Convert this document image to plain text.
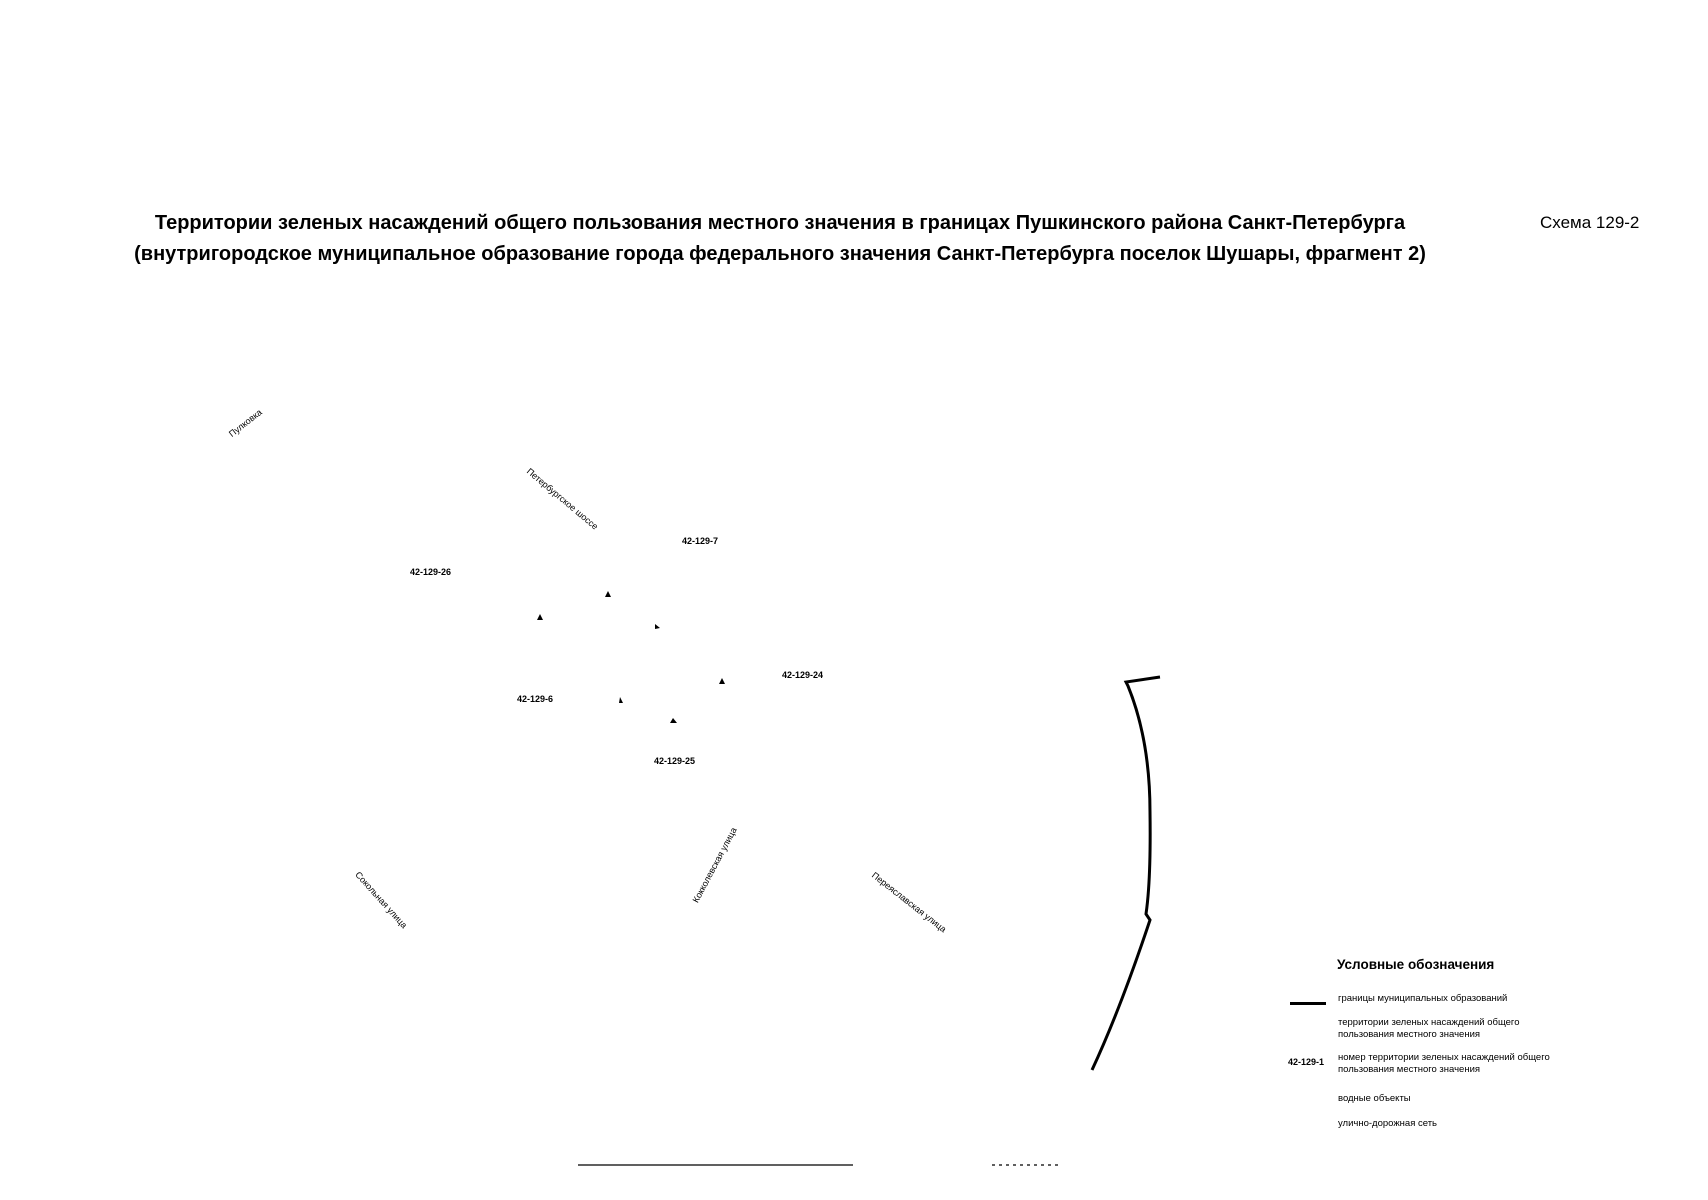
Территории зеленых насаждений общего пользования местного значения в границах Пушкинского района Санкт-Петербурга
(внутригородское муниципальное образование города федерального значения Санкт-Петербурга поселок Шушары, фрагмент 2)
Схема 129-2
Пулковка
Петербургское шоссе
Сокольная улица	Кокколевская улица	Переяславская улица
42-129-7
42-129-26
42-129-24
42-129-6
42-129-25
Условные обозначения
границы муниципальных образований
территории зеленых насаждений общего пользования местного значения
42-129-1 номер территории зеленых насаждений общего пользования местного значения
водные объекты
улично-дорожная сеть
